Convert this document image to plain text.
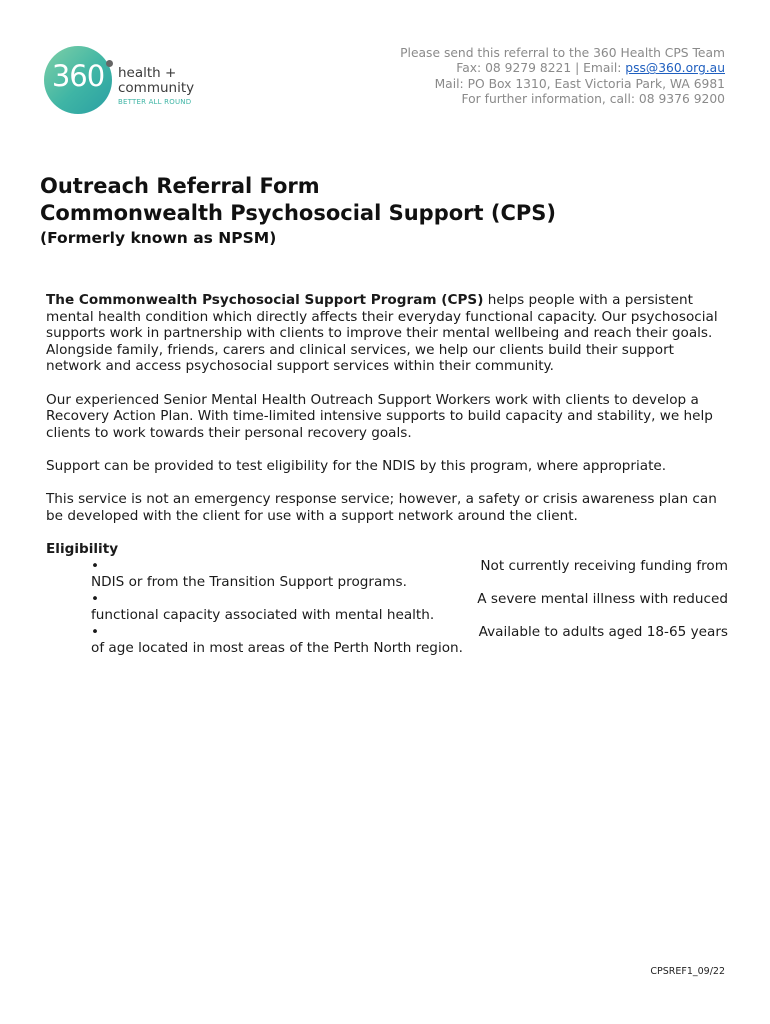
360	health +
community
BETTER ALL ROUND
Please send this referral to the 360 Health CPS Team
Fax: 08 9279 8221 | Email: pss@360.org.au
Mail: PO Box 1310, East Victoria Park, WA 6981
For further information, call: 08 9376 9200
Outreach Referral Form
Commonwealth Psychosocial Support (CPS)
(Formerly known as NPSM)

The Commonwealth Psychosocial Support Program (CPS) helps people with a persistent mental health condition which directly affects their everyday functional capacity. Our psychosocial supports work in partnership with clients to improve their mental wellbeing and reach their goals. Alongside family, friends, carers and clinical services, we help our clients build their support network and access psychosocial support services within their community.

Our experienced Senior Mental Health Outreach Support Workers work with clients to develop a Recovery Action Plan. With time-limited intensive supports to build capacity and stability, we help clients to work towards their personal recovery goals.

Support can be provided to test eligibility for the NDIS by this program, where appropriate.

This service is not an emergency response service; however, a safety or crisis awareness plan can be developed with the client for use with a support network around the client.

Eligibility
•	Not currently receiving funding from
NDIS or from the Transition Support programs.
•	A severe mental illness with reduced
functional capacity associated with mental health.
•	Available to adults aged 18-65 years
of age located in most areas of the Perth North region.
CPSREF1_09/22
